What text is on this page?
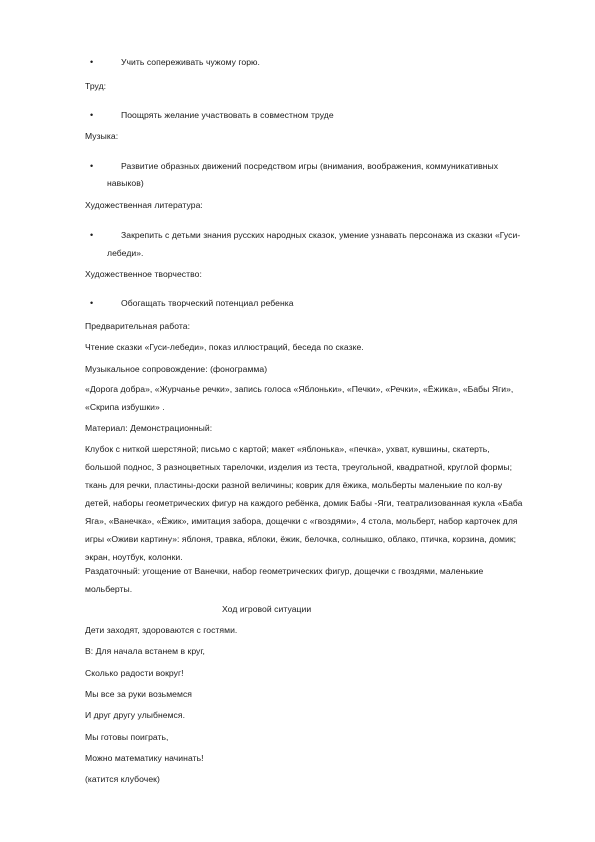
•	Учить сопереживать чужому горю.
Труд:
•	Поощрять желание участвовать в совместном труде
Музыка:
•	Развитие образных движений посредством игры (внимания, воображения, коммуникативных
навыков)
Художественная литература:
•	Закрепить с детьми знания русских народных сказок, умение узнавать персонажа из сказки «Гуси-
лебеди».
Художественное творчество:
•	Обогащать творческий потенциал ребенка
Предварительная работа:
Чтение сказки «Гуси-лебеди», показ иллюстраций, беседа по сказке.
Музыкальное сопровождение: (фонограмма)
«Дорога добра», «Журчанье речки», запись голоса «Яблоньки», «Печки», «Речки», «Ёжика», «Бабы Яги»,
«Скрипа избушки» .
Материал: Демонстрационный:
Клубок с ниткой шерстяной; письмо с картой; макет «яблонька», «печка», ухват, кувшины, скатерть,
большой поднос, 3 разноцветных тарелочки, изделия из теста, треугольной, квадратной, круглой формы;
ткань для речки, пластины-доски разной величины; коврик для ёжика, мольберты маленькие по кол-ву
детей, наборы геометрических фигур на каждого ребёнка, домик Бабы -Яги, театрализованная кукла «Баба
Яга», «Ванечка», «Ёжик», имитация забора, дощечки с «гвоздями», 4 стола, мольберт, набор карточек для
игры «Оживи картину»: яблоня, травка, яблоки, ёжик, белочка, солнышко, облако, птичка, корзина, домик;
экран, ноутбук, колонки.
Раздаточный: угощение от Ванечки, набор геометрических фигур, дощечки с гвоздями, маленькие
мольберты.
Ход игровой ситуации
Дети заходят, здороваются с гостями.
В: Для начала встанем в круг,
Сколько радости вокруг!
Мы все за руки возьмемся
И друг другу улыбнемся.
Мы готовы поиграть,
Можно математику начинать!
(катится клубочек)
